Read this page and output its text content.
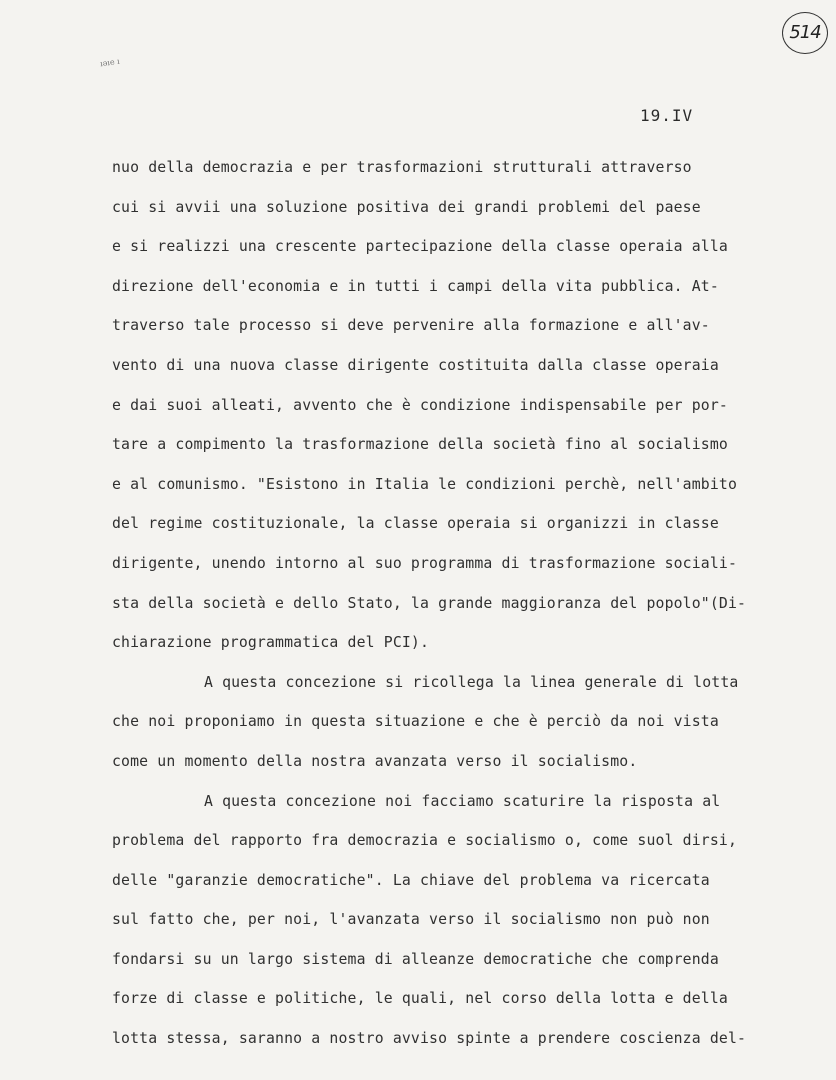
ıǝıe ı
514
19.IV
nuo della democrazia e per trasformazioni strutturali attraverso
cui si avvii una soluzione positiva dei grandi problemi del paese
e si realizzi una crescente partecipazione della classe operaia alla
direzione dell'economia e in tutti i campi della vita pubblica. At-
traverso tale processo si deve pervenire alla formazione e all'av-
vento di una nuova classe dirigente costituita dalla classe operaia
e dai suoi alleati, avvento che è condizione indispensabile per por-
tare a compimento la trasformazione della società fino al socialismo
e al comunismo. "Esistono in Italia le condizioni perchè, nell'ambito
del regime costituzionale, la classe operaia si organizzi in classe
dirigente, unendo intorno al suo programma di trasformazione sociali-
sta della società e dello Stato, la grande maggioranza del popolo"(Di-
chiarazione programmatica del PCI).
A questa concezione si ricollega la linea generale di lotta
che noi proponiamo in questa situazione e che è perciò da noi vista
come un momento della nostra avanzata verso il socialismo.
A questa concezione noi facciamo scaturire la risposta al
problema del rapporto fra democrazia e socialismo o, come suol dirsi,
delle "garanzie democratiche". La chiave del problema va ricercata
sul fatto che, per noi, l'avanzata verso il socialismo non può non
fondarsi su un largo sistema di alleanze democratiche che comprenda
forze di classe e politiche, le quali, nel corso della lotta e della
lotta stessa, saranno a nostro avviso spinte a prendere coscienza del-
